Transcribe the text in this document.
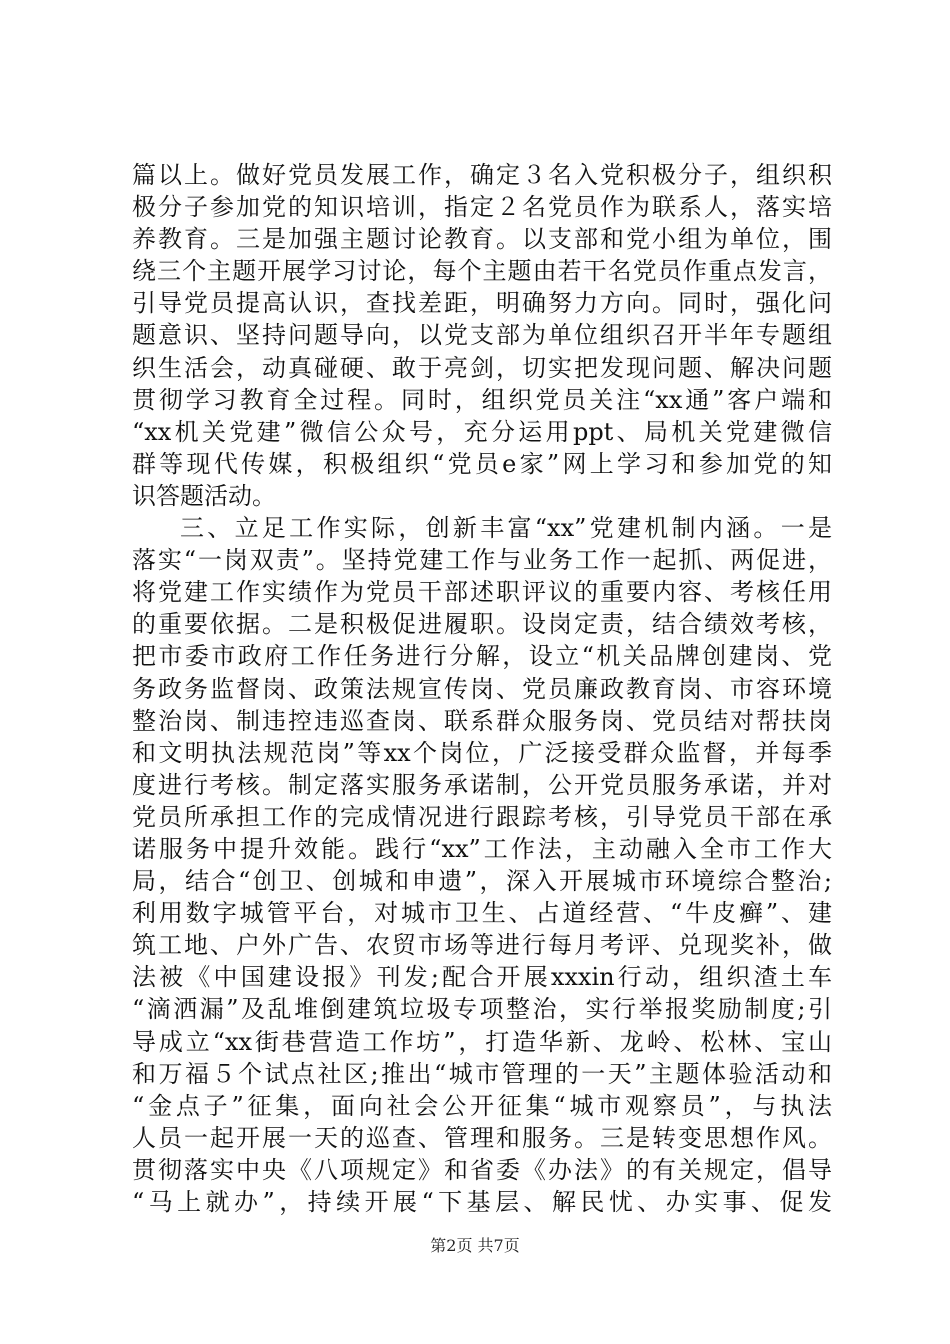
篇以上。做好党员发展工作，确定３名入党积极分子，组织积
极分子参加党的知识培训，指定２名党员作为联系人，落实培
养教育。三是加强主题讨论教育。以支部和党小组为单位，围
绕三个主题开展学习讨论，每个主题由若干名党员作重点发言，
引导党员提高认识，查找差距，明确努力方向。同时，强化问
题意识、坚持问题导向，以党支部为单位组织召开半年专题组
织生活会，动真碰硬、敢于亮剑，切实把发现问题、解决问题
贯彻学习教育全过程。同时，组织党员关注“xx通”客户端和
“xx机关党建”微信公众号，充分运用ppt、局机关党建微信
群等现代传媒，积极组织“党员e家”网上学习和参加党的知
识答题活动。
三、立足工作实际，创新丰富“xx”党建机制内涵。一是
落实“一岗双责”。坚持党建工作与业务工作一起抓、两促进，
将党建工作实绩作为党员干部述职评议的重要内容、考核任用
的重要依据。二是积极促进履职。设岗定责，结合绩效考核，
把市委市政府工作任务进行分解，设立“机关品牌创建岗、党
务政务监督岗、政策法规宣传岗、党员廉政教育岗、市容环境
整治岗、制违控违巡查岗、联系群众服务岗、党员结对帮扶岗
和文明执法规范岗”等xx个岗位，广泛接受群众监督，并每季
度进行考核。制定落实服务承诺制，公开党员服务承诺，并对
党员所承担工作的完成情况进行跟踪考核，引导党员干部在承
诺服务中提升效能。践行“xx”工作法，主动融入全市工作大
局，结合“创卫、创城和申遗”，深入开展城市环境综合整治;
利用数字城管平台，对城市卫生、占道经营、“牛皮癣”、建
筑工地、户外广告、农贸市场等进行每月考评、兑现奖补，做
法被《中国建设报》刊发;配合开展xxxin行动，组织渣土车
“滴洒漏”及乱堆倒建筑垃圾专项整治，实行举报奖励制度;引
导成立“xx街巷营造工作坊”，打造华新、龙岭、松林、宝山
和万福５个试点社区;推出“城市管理的一天”主题体验活动和
“金点子”征集，面向社会公开征集“城市观察员”，与执法
人员一起开展一天的巡查、管理和服务。三是转变思想作风。
贯彻落实中央《八项规定》和省委《办法》的有关规定，倡导
“马上就办”，持续开展“下基层、解民忧、办实事、促发
第2页 共7页
